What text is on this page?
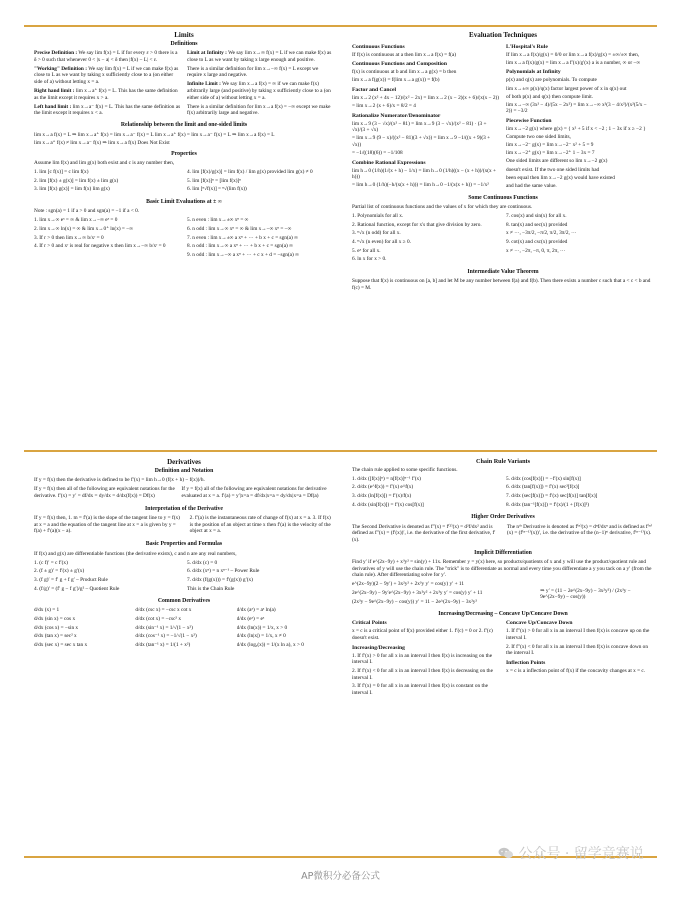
Limits
Definitions

Precise Definition : We say lim f(x) = L if for every ε > 0 there is a δ > 0 such that whenever 0 < |x − a| < δ then |f(x) − L| < ε.

"Working" Definition : We say lim f(x) = L if we can make f(x) as close to L as we want by taking x sufficiently close to a (on either side of a) without letting x = a.

Right hand limit : lim x→a⁺ f(x) = L. This has the same definition as the limit except it requires x > a.

Left hand limit : lim x→a⁻ f(x) = L. This has the same definition as the limit except it requires x < a.

Limit at Infinity : We say lim x→∞ f(x) = L if we can make f(x) as close to L as we want by taking x large enough and positive.

There is a similar definition for lim x→−∞ f(x) = L except we require x large and negative.

Infinite Limit : We say lim x→a f(x) = ∞ if we can make f(x) arbitrarily large (and positive) by taking x sufficiently close to a (on either side of a) without letting x = a.

There is a similar definition for lim x→a f(x) = −∞ except we make f(x) arbitrarily large and negative.

Relationship between the limit and one-sided limits
lim x→a f(x) = L ⇒ lim x→a⁺ f(x) = lim x→a⁻ f(x) = L lim x→a⁺ f(x) = lim x→a⁻ f(x) = L ⇒ lim x→a f(x) = L
lim x→a⁺ f(x) ≠ lim x→a⁻ f(x) ⇒ lim x→a f(x) Does Not Exist
Properties

Assume lim f(x) and lim g(x) both exist and c is any number then,

1. lim [c f(x)] = c lim f(x)
2. lim [f(x) ± g(x)] = lim f(x) ± lim g(x)
3. lim [f(x) g(x)] = lim f(x) lim g(x)
4. lim [f(x)/g(x)] = lim f(x) / lim g(x) provided lim g(x) ≠ 0
5. lim [f(x)]ⁿ = [lim f(x)]ⁿ
6. lim [ⁿ√f(x)] = ⁿ√(lim f(x))
Basic Limit Evaluations at ± ∞

Note : sgn(a) = 1 if a > 0 and sgn(a) = −1 if a < 0.

1. lim x→∞ eˣ = ∞ & lim x→−∞ eˣ = 0
2. lim x→∞ ln(x) = ∞ & lim x→0⁺ ln(x) = −∞
3. If r > 0 then lim x→∞ b/xʳ = 0
4. If r > 0 and xʳ is real for negative x then lim x→−∞ b/xʳ = 0
5. n even : lim x→±∞ xⁿ = ∞
6. n odd : lim x→∞ xⁿ = ∞ & lim x→−∞ xⁿ = −∞
7. n even : lim x→±∞ a xⁿ + ··· + b x + c = sgn(a) ∞
8. n odd : lim x→∞ a xⁿ + ··· + b x + c = sgn(a) ∞
9. n odd : lim x→−∞ a xⁿ + ··· + c x + d = −sgn(a) ∞
Evaluation Techniques
Continuous Functions
If f(x) is continuous at a then lim x→a f(x) = f(a)
Continuous Functions and Composition
f(x) is continuous at b and lim x→a g(x) = b then
lim x→a f(g(x)) = f(lim x→a g(x)) = f(b)
Factor and Cancel
lim x→2 (x² + 4x − 12)/(x² − 2x) = lim x→2 (x − 2)(x + 6)/(x(x − 2))
= lim x→2 (x + 6)/x = 8/2 = 4
Rationalize Numerator/Denominator
lim x→9 (3 − √x)/(x² − 81) = lim x→9 (3 − √x)/(x² − 81) · (3 + √x)/(3 + √x)
= lim x→9 (9 − x)/((x² − 81)(3 + √x)) = lim x→9 −1/((x + 9)(3 + √x))
= −1/((18)(6)) = −1/108
Combine Rational Expressions
lim h→0 (1/h)(1/(x + h) − 1/x) = lim h→0 (1/h)((x − (x + h))/(x(x + h)))
= lim h→0 (1/h)(−h/(x(x + h))) = lim h→0 −1/(x(x + h)) = −1/x²
L'Hospital's Rule
If lim x→a f(x)/g(x) = 0/0 or lim x→a f(x)/g(x) = ±∞/±∞ then,
lim x→a f(x)/g(x) = lim x→a f′(x)/g′(x) a is a number, ∞ or −∞
Polynomials at Infinity
p(x) and q(x) are polynomials. To compute
lim x→±∞ p(x)/q(x) factor largest power of x in q(x) out
of both p(x) and q(x) then compute limit.
lim x→−∞ (3x² − 4)/(5x − 2x²) = lim x→−∞ x²(3 − 4/x²)/(x²(5/x − 2)) = −3/2
Piecewise Function
lim x→−2 g(x) where g(x) = { x² + 5 if x < −2 ; 1 − 3x if x ≥ −2 }
Compute two one sided limits,
lim x→−2⁻ g(x) = lim x→−2⁻ x² + 5 = 9
lim x→−2⁺ g(x) = lim x→−2⁺ 1 − 3x = 7
One sided limits are different so lim x→−2 g(x)
doesn't exist. If the two one sided limits had
been equal then lim x→−2 g(x) would have existed
and had the same value.
Some Continuous Functions

Partial list of continuous functions and the values of x for which they are continuous.

1. Polynomials for all x.
2. Rational function, except for x's that give division by zero.
3. ⁿ√x (n odd) for all x.
4. ⁿ√x (n even) for all x ≥ 0.
5. eˣ for all x.
6. ln x for x > 0.
7. cos(x) and sin(x) for all x.
8. tan(x) and sec(x) provided
x ≠ ···, −3π/2, −π/2, π/2, 3π/2, ···
9. cot(x) and csc(x) provided
x ≠ ···, −2π, −π, 0, π, 2π, ···
Intermediate Value Theorem

Suppose that f(x) is continuous on [a, b] and let M be any number between f(a) and f(b). Then there exists a number c such that a < c < b and f(c) = M.

Derivatives
Definition and Notation

If y = f(x) then the derivative is defined to be f′(x) = lim h→0 (f(x + h) − f(x))/h.

If y = f(x) then all of the following are equivalent notations for the derivative. f′(x) = y′ = df/dx = dy/dx = d/dx(f(x)) = Df(x)

If y = f(x) all of the following are equivalent notations for derivative evaluated at x = a. f′(a) = y′|x=a = df/dx|x=a = dy/dx|x=a = Df(a)

Interpretation of the Derivative

If y = f(x) then, 1. m = f′(a) is the slope of the tangent line to y = f(x) at x = a and the equation of the tangent line at x = a is given by y = f(a) + f′(a)(x − a).

2. f′(a) is the instantaneous rate of change of f(x) at x = a. 3. If f(x) is the position of an object at time x then f′(a) is the velocity of the object at x = a.

Basic Properties and Formulas

If f(x) and g(x) are differentiable functions (the derivative exists), c and n are any real numbers,

1. (c f)′ = c f′(x)
2. (f ± g)′ = f′(x) ± g′(x)
3. (f g)′ = f′ g + f g′ – Product Rule
4. (f/g)′ = (f′ g − f g′)/g² – Quotient Rule
5. d/dx (c) = 0
6. d/dx (xⁿ) = n xⁿ⁻¹ – Power Rule
7. d/dx (f(g(x))) = f′(g(x)) g′(x)
This is the Chain Rule
Common Derivatives
d/dx (x) = 1
d/dx (sin x) = cos x
d/dx (cos x) = −sin x
d/dx (tan x) = sec² x
d/dx (sec x) = sec x tan x
d/dx (csc x) = −csc x cot x
d/dx (cot x) = −csc² x
d/dx (sin⁻¹ x) = 1/√(1 − x²)
d/dx (cos⁻¹ x) = −1/√(1 − x²)
d/dx (tan⁻¹ x) = 1/(1 + x²)
d/dx (aˣ) = aˣ ln(a)
d/dx (eˣ) = eˣ
d/dx (ln(x)) = 1/x, x > 0
d/dx (ln|x|) = 1/x, x ≠ 0
d/dx (logₐ(x)) = 1/(x ln a), x > 0
Chain Rule Variants

The chain rule applied to some specific functions.

1. d/dx ([f(x)]ⁿ) = n[f(x)]ⁿ⁻¹ f′(x)
2. d/dx (e^f(x)) = f′(x) e^f(x)
3. d/dx (ln[f(x)]) = f′(x)/f(x)
4. d/dx (sin[f(x)]) = f′(x) cos[f(x)]
5. d/dx (cos[f(x)]) = −f′(x) sin[f(x)]
6. d/dx (tan[f(x)]) = f′(x) sec²[f(x)]
7. d/dx (sec[f(x)]) = f′(x) sec[f(x)] tan[f(x)]
8. d/dx (tan⁻¹[f(x)]) = f′(x)/(1 + [f(x)]²)
Higher Order Derivatives

The Second Derivative is denoted as f″(x) = f⁽²⁾(x) = d²f/dx² and is defined as f″(x) = (f′(x))′, i.e. the derivative of the first derivative, f′(x).

The nᵗʰ Derivative is denoted as f⁽ⁿ⁾(x) = dⁿf/dxⁿ and is defined as f⁽ⁿ⁾(x) = (f⁽ⁿ⁻¹⁾(x))′, i.e. the derivative of the (n−1)ˢᵗ derivative, f⁽ⁿ⁻¹⁾(x).

Implicit Differentiation

Find y′ if e^(2x−9y) + x³y² = sin(y) + 11x. Remember y = y(x) here, so products/quotients of x and y will use the product/quotient rule and derivatives of y will use the chain rule. The "trick" is to differentiate as normal and every time you differentiate a y you tack on a y′ (from the chain rule). After differentiating solve for y′.

e^(2x−9y)(2 − 9y′) + 3x²y² + 2x³y y′ = cos(y) y′ + 11
2e^(2x−9y) − 9y′e^(2x−9y) + 3x²y² + 2x³y y′ = cos(y) y′ + 11
(2x³y − 9e^(2x−9y) − cos(y)) y′ = 11 − 2e^(2x−9y) − 3x²y²
⇒ y′ = (11 − 2e^(2x−9y) − 3x²y²) / (2x³y − 9e^(2x−9y) − cos(y))
Increasing/Decreasing – Concave Up/Concave Down
Critical Points

x = c is a critical point of f(x) provided either 1. f′(c) = 0 or 2. f′(c) doesn't exist.

Increasing/Decreasing
1. If f′(x) > 0 for all x in an interval I then f(x) is increasing on the interval I.
2. If f′(x) < 0 for all x in an interval I then f(x) is decreasing on the interval I.
3. If f′(x) = 0 for all x in an interval I then f(x) is constant on the interval I.
Concave Up/Concave Down
1. If f″(x) > 0 for all x in an interval I then f(x) is concave up on the interval I.
2. If f″(x) < 0 for all x in an interval I then f(x) is concave down on the interval I.
Inflection Points

x = c is a inflection point of f(x) if the concavity changes at x = c.

公众号 · 留学竞赛说
AP微积分必备公式
